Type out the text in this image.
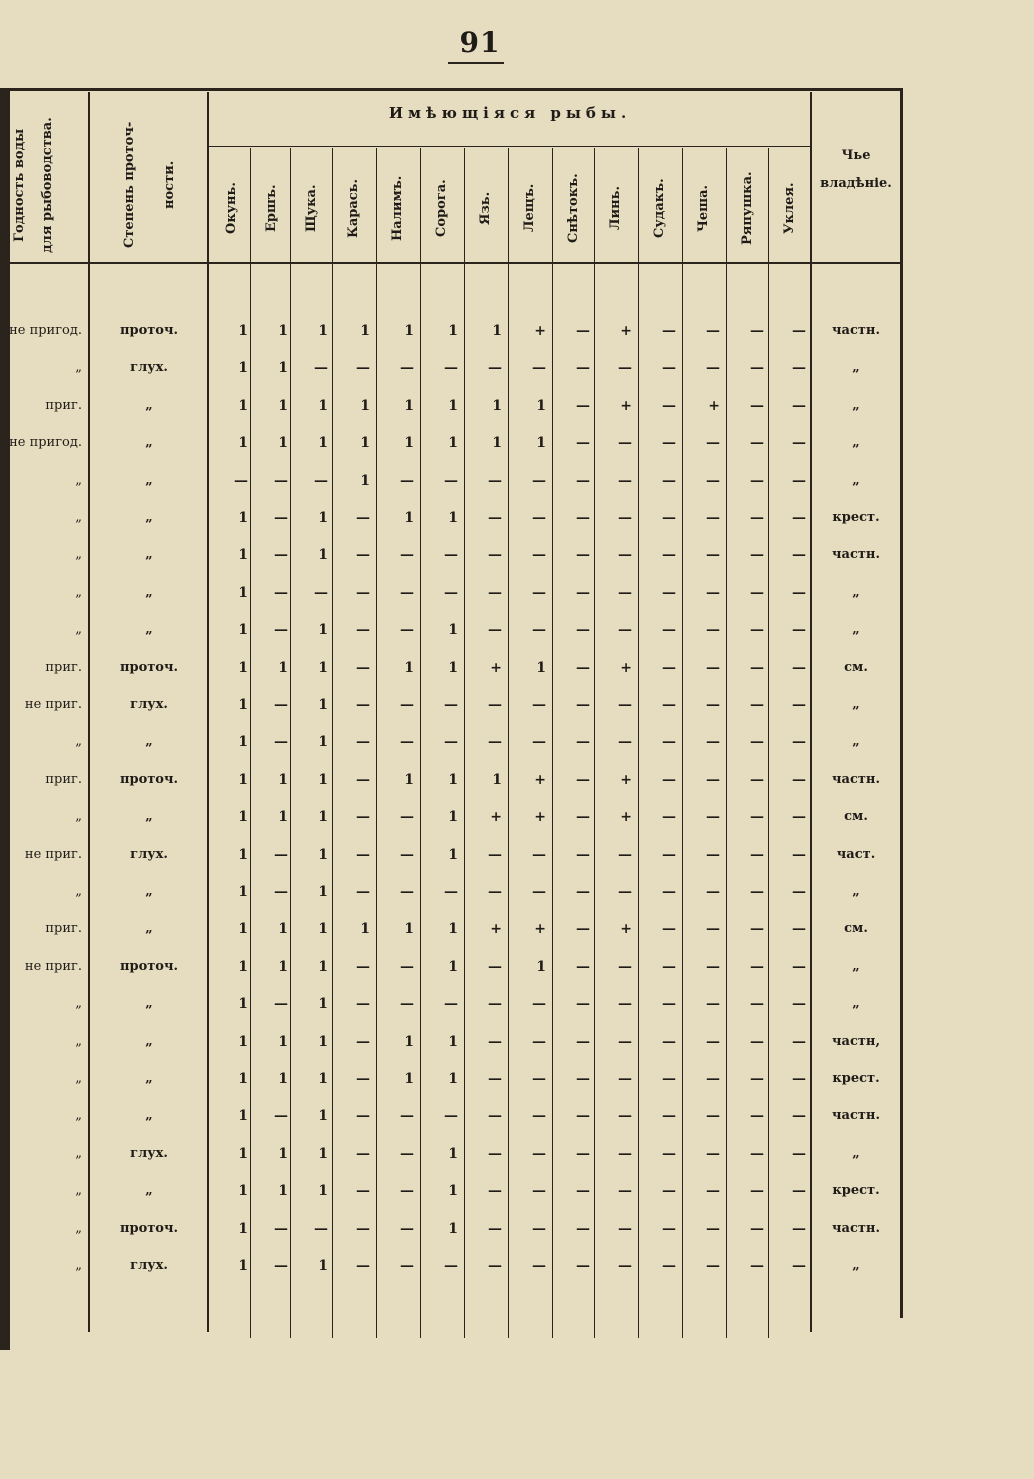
91
Годность воды для рыбоводства.	Степень проточ- ности.
Имѣющіяся рыбы.
Окунь. Ершъ. Щука. Карась. Налимъ. Сорога. Язь. Лещъ. Снѣтокъ. Линь. Судакъ. Чеша. Ряпушка. Уклея.
Чьe
владѣніе.
не пригод.	проточ.	1	1	1	1	1	1	1	+	—	+	—	—	—	—	частн.
„	глух.	1	1	—	—	—	—	—	—	—	—	—	—	—	—	„
приг.	„	1	1	1	1	1	1	1	1	—	+	—	+	—	—	„
не пригод.	„	1	1	1	1	1	1	1	1	—	—	—	—	—	—	„
„	„	—	—	—	1	—	—	—	—	—	—	—	—	—	—	„
„	„	1	—	1	—	1	1	—	—	—	—	—	—	—	—	крест.
„	„	1	—	1	—	—	—	—	—	—	—	—	—	—	—	частн.
„	„	1	—	—	—	—	—	—	—	—	—	—	—	—	—	„
„	„	1	—	1	—	—	1	—	—	—	—	—	—	—	—	„
приг.	проточ.	1	1	1	—	1	1	+	1	—	+	—	—	—	—	см.
не приг.	глух.	1	—	1	—	—	—	—	—	—	—	—	—	—	—	„
„	„	1	—	1	—	—	—	—	—	—	—	—	—	—	—	„
приг.	проточ.	1	1	1	—	1	1	1	+	—	+	—	—	—	—	частн.
„	„	1	1	1	—	—	1	+	+	—	+	—	—	—	—	см.
не приг.	глух.	1	—	1	—	—	1	—	—	—	—	—	—	—	—	част.
„	„	1	—	1	—	—	—	—	—	—	—	—	—	—	—	„
приг.	„	1	1	1	1	1	1	+	+	—	+	—	—	—	—	см.
не приг.	проточ.	1	1	1	—	—	1	—	1	—	—	—	—	—	—	„
„	„	1	—	1	—	—	—	—	—	—	—	—	—	—	—	„
„	„	1	1	1	—	1	1	—	—	—	—	—	—	—	—	частн,
„	„	1	1	1	—	1	1	—	—	—	—	—	—	—	—	крест.
„	„	1	—	1	—	—	—	—	—	—	—	—	—	—	—	частн.
„	глух.	1	1	1	—	—	1	—	—	—	—	—	—	—	—	„
„	„	1	1	1	—	—	1	—	—	—	—	—	—	—	—	крест.
„	проточ.	1	—	—	—	—	1	—	—	—	—	—	—	—	—	частн.
„	глух.	1	—	1	—	—	—	—	—	—	—	—	—	—	—	„
